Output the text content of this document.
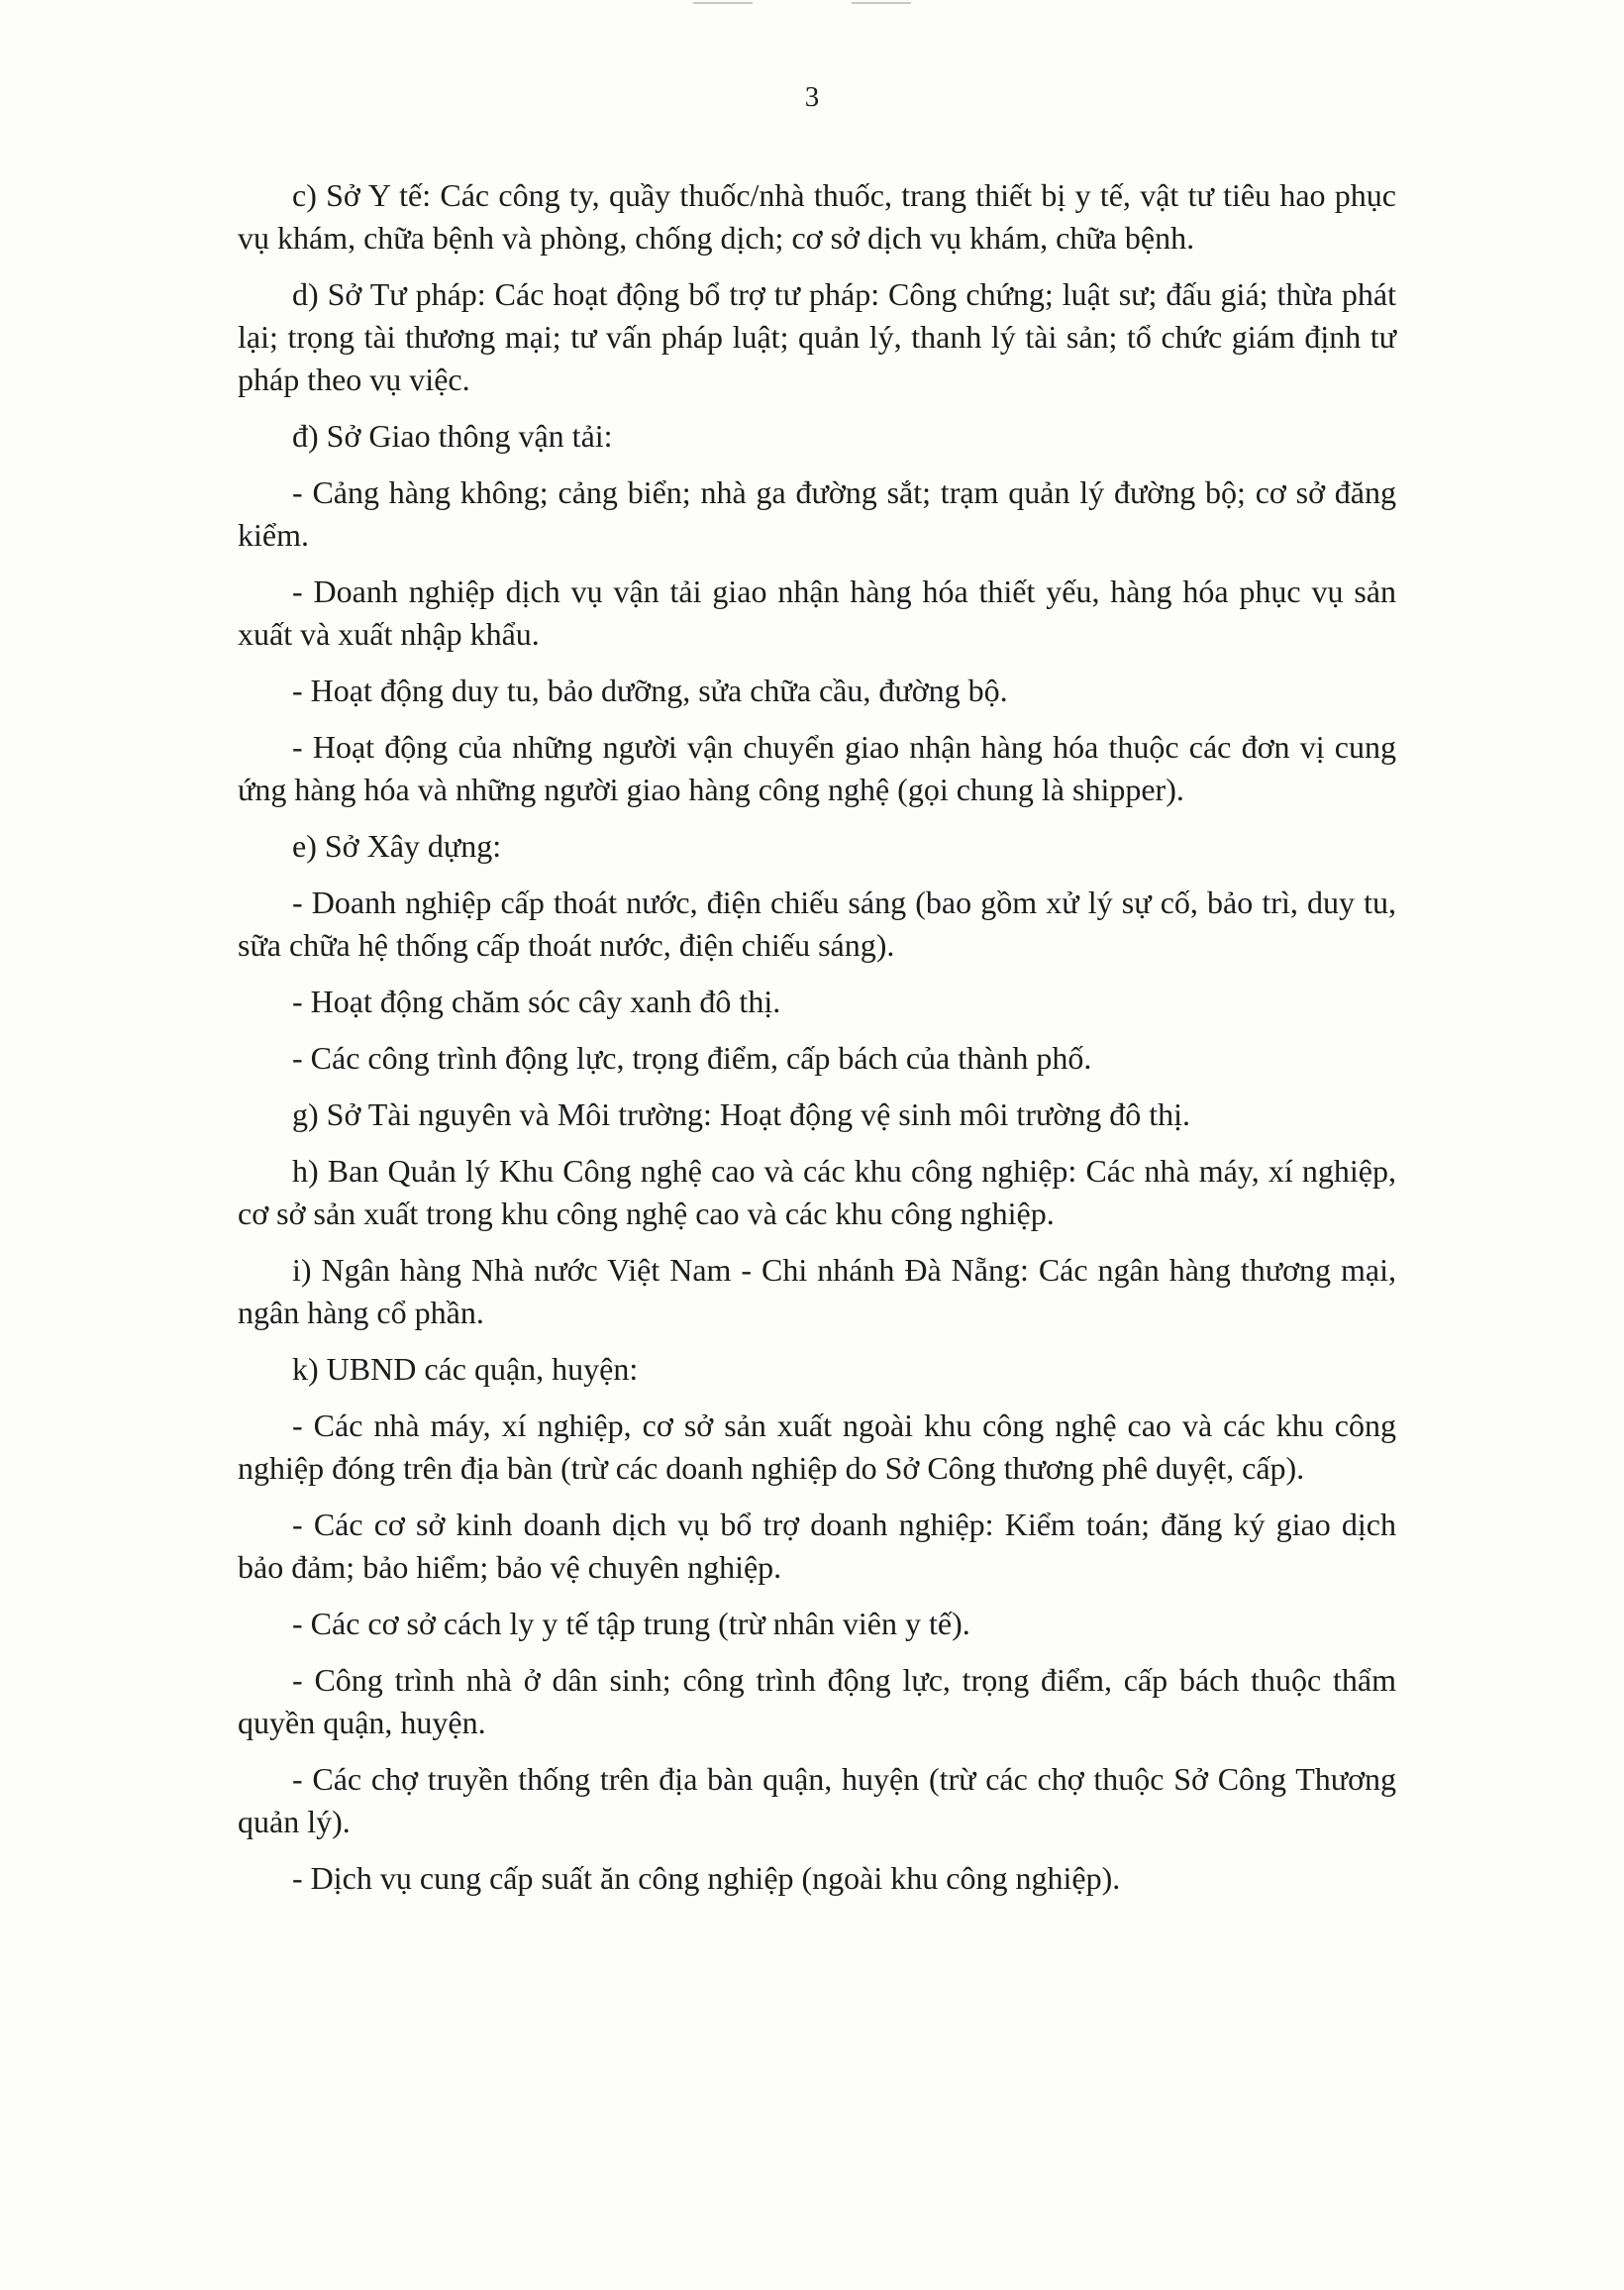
3

c) Sở Y tế: Các công ty, quầy thuốc/nhà thuốc, trang thiết bị y tế, vật tư tiêu hao phục vụ khám, chữa bệnh và phòng, chống dịch; cơ sở dịch vụ khám, chữa bệnh.

d) Sở Tư pháp: Các hoạt động bổ trợ tư pháp: Công chứng; luật sư; đấu giá; thừa phát lại; trọng tài thương mại; tư vấn pháp luật; quản lý, thanh lý tài sản; tổ chức giám định tư pháp theo vụ việc.

đ) Sở Giao thông vận tải:

- Cảng hàng không; cảng biển; nhà ga đường sắt; trạm quản lý đường bộ; cơ sở đăng kiểm.

- Doanh nghiệp dịch vụ vận tải giao nhận hàng hóa thiết yếu, hàng hóa phục vụ sản xuất và xuất nhập khẩu.

- Hoạt động duy tu, bảo dưỡng, sửa chữa cầu, đường bộ.

- Hoạt động của những người vận chuyển giao nhận hàng hóa thuộc các đơn vị cung ứng hàng hóa và những người giao hàng công nghệ (gọi chung là shipper).

e) Sở Xây dựng:

- Doanh nghiệp cấp thoát nước, điện chiếu sáng (bao gồm xử lý sự cố, bảo trì, duy tu, sữa chữa hệ thống cấp thoát nước, điện chiếu sáng).

- Hoạt động chăm sóc cây xanh đô thị.

- Các công trình động lực, trọng điểm, cấp bách của thành phố.

g) Sở Tài nguyên và Môi trường: Hoạt động vệ sinh môi trường đô thị.

h) Ban Quản lý Khu Công nghệ cao và các khu công nghiệp: Các nhà máy, xí nghiệp, cơ sở sản xuất trong khu công nghệ cao và các khu công nghiệp.

i) Ngân hàng Nhà nước Việt Nam - Chi nhánh Đà Nẵng: Các ngân hàng thương mại, ngân hàng cổ phần.

k) UBND các quận, huyện:

- Các nhà máy, xí nghiệp, cơ sở sản xuất ngoài khu công nghệ cao và các khu công nghiệp đóng trên địa bàn (trừ các doanh nghiệp do Sở Công thương phê duyệt, cấp).

- Các cơ sở kinh doanh dịch vụ bổ trợ doanh nghiệp: Kiểm toán; đăng ký giao dịch bảo đảm; bảo hiểm; bảo vệ chuyên nghiệp.

- Các cơ sở cách ly y tế tập trung (trừ nhân viên y tế).

- Công trình nhà ở dân sinh; công trình động lực, trọng điểm, cấp bách thuộc thẩm quyền quận, huyện.

- Các chợ truyền thống trên địa bàn quận, huyện (trừ các chợ thuộc Sở Công Thương quản lý).

- Dịch vụ cung cấp suất ăn công nghiệp (ngoài khu công nghiệp).
